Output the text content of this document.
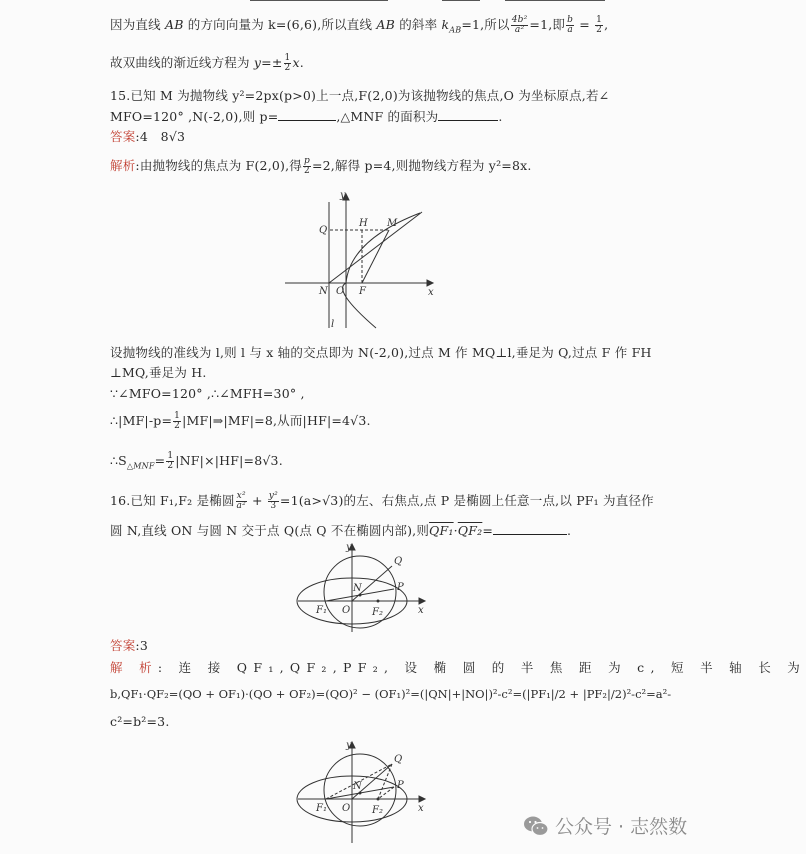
因为直线 AB 的方向向量为 k=(6,6),所以直线 AB 的斜率 $k_{AB}=1$,所以 $\frac{\text{4b²}}{\text{a²}} =1$,即 $\frac{b}{a} = \frac{1}{2}$ ,
故双曲线的渐近线方程为 $y=\pm \frac{1}{2} x$.
15.已知 M 为抛物线 y²=2px(p>0)上一点,F(2,0)为该抛物线的焦点,O 为坐标原点,若∠
MFO=120° ,N(-2,0),则 p=	,△MNF 的面积为	.
答案:4　8√3
解析:由抛物线的焦点为 F(2,0),得 $\frac{p}{2} =2$,解得 p=4,则抛物线方程为 y²=8x.
y
x
Q
H M
N O F
l
设抛物线的准线为 l,则 l 与 x 轴的交点即为 N(-2,0),过点 M 作 MQ⊥l,垂足为 Q,过点 F 作 FH
⊥MQ,垂足为 H.
∵∠MFO=120° ,∴∠MFH=30° ,
∴|MF|-p= $\frac{1}{2}$ |MF|⇒|MF|=8,从而|HF|=4√3.
$\therefore S_{\triangle MNF}= \frac{1}{2} |NF|\times|HF|=8√3$.
16.已知 F₁,F₂ 是椭圆 $\frac{\text{x²}}{\text{a²}} + \frac{\text{y²}}{3} =1(a>√3)$的左、右焦点,点 P 是椭圆上任意一点,以 PF₁ 为直径作
圆 N,直线 ON 与圆 N 交于点 Q(点 Q 不在椭圆内部),则QF₁·QF₂=	.
y
x
Q
P
N
O
F₁	F₂
答案:3
解 析: 连 接 QF₁,QF₂,PF₂, 设 椭 圆 的 半 焦 距 为 c, 短 半 轴 长 为
b,QF₁·QF₂=(QO + OF₁)·(QO + OF₂)=(QO)² − (OF₁)²=(|QN|+|NO|)²-c²=(|PF₁|/2 + |PF₂|/2)²-c²=a²-
c²=b²=3.
y
x
Q
P
N
O
F₁	F₂
公众号 · 志然数
